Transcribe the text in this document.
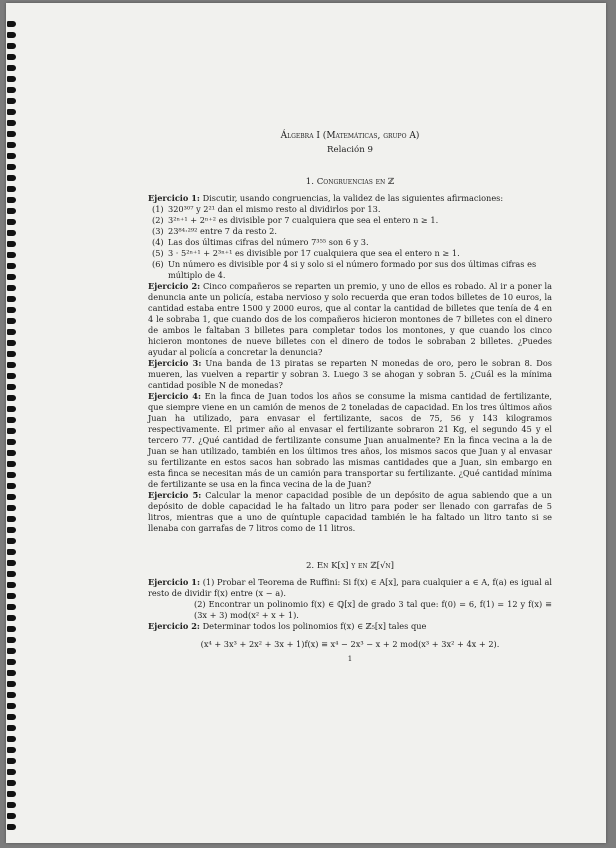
Álgebra I (Matemáticas, grupo A)
Relación 9
1. Congruencias en ℤ

Ejercicio 1: Discutir, usando congruencias, la validez de las siguientes afirmaciones:

(1) 320³⁰⁷ y 2²¹ dan el mismo resto al dividirlos por 13.
(2) 3²ⁿ⁺¹ + 2ⁿ⁺² es divisible por 7 cualquiera que sea el entero n ≥ 1.
(3) 23⁸⁴·²⁹² entre 7 da resto 2.
(4) Las dos últimas cifras del número 7³⁵⁵ son 6 y 3.
(5) 3 · 5²ⁿ⁺¹ + 2³ⁿ⁺¹ es divisible por 17 cualquiera que sea el entero n ≥ 1.
(6) Un número es divisible por 4 si y solo si el número formado por sus dos últimas cifras es múltiplo de 4.

Ejercicio 2: Cinco compañeros se reparten un premio, y uno de ellos es robado. Al ir a poner la denuncia ante un policía, estaba nervioso y solo recuerda que eran todos billetes de 10 euros, la cantidad estaba entre 1500 y 2000 euros, que al contar la cantidad de billetes que tenía de 4 en 4 le sobraba 1, que cuando dos de los compañeros hicieron montones de 7 billetes con el dinero de ambos le faltaban 3 billetes para completar todos los montones, y que cuando los cinco hicieron montones de nueve billetes con el dinero de todos le sobraban 2 billetes. ¿Puedes ayudar al policía a concretar la denuncia?

Ejercicio 3: Una banda de 13 piratas se reparten N monedas de oro, pero le sobran 8. Dos mueren, las vuelven a repartir y sobran 3. Luego 3 se ahogan y sobran 5. ¿Cuál es la mínima cantidad posible N de monedas?

Ejercicio 4: En la finca de Juan todos los años se consume la misma cantidad de fertilizante, que siempre viene en un camión de menos de 2 toneladas de capacidad. En los tres últimos años Juan ha utilizado, para envasar el fertilizante, sacos de 75, 56 y 143 kilogramos respectivamente. El primer año al envasar el fertilizante sobraron 21 Kg, el segundo 45 y el tercero 77. ¿Qué cantidad de fertilizante consume Juan anualmente? En la finca vecina a la de Juan se han utilizado, también en los últimos tres años, los mismos sacos que Juan y al envasar su fertilizante en estos sacos han sobrado las mismas cantidades que a Juan, sin embargo en esta finca se necesitan más de un camión para transportar su fertilizante. ¿Qué cantidad mínima de fertilizante se usa en la finca vecina de la de Juan?

Ejercicio 5: Calcular la menor capacidad posible de un depósito de agua sabiendo que a un depósito de doble capacidad le ha faltado un litro para poder ser llenado con garrafas de 5 litros, mientras que a uno de quíntuple capacidad también le ha faltado un litro tanto si se llenaba con garrafas de 7 litros como de 11 litros.

2. En K[x] y en ℤ[√n]

Ejercicio 1: (1) Probar el Teorema de Ruffini: Si f(x) ∈ A[x], para cualquier a ∈ A, f(a) es igual al resto de dividir f(x) entre (x − a).

(2) Encontrar un polinomio f(x) ∈ ℚ[x] de grado 3 tal que: f(0) = 6, f(1) = 12 y f(x) ≡ (3x + 3) mod(x² + x + 1).

Ejercicio 2: Determinar todos los polinomios f(x) ∈ ℤ₅[x] tales que

(x⁴ + 3x³ + 2x² + 3x + 1)f(x) ≡ x⁴ − 2x³ − x + 2 mod(x³ + 3x² + 4x + 2).
1
